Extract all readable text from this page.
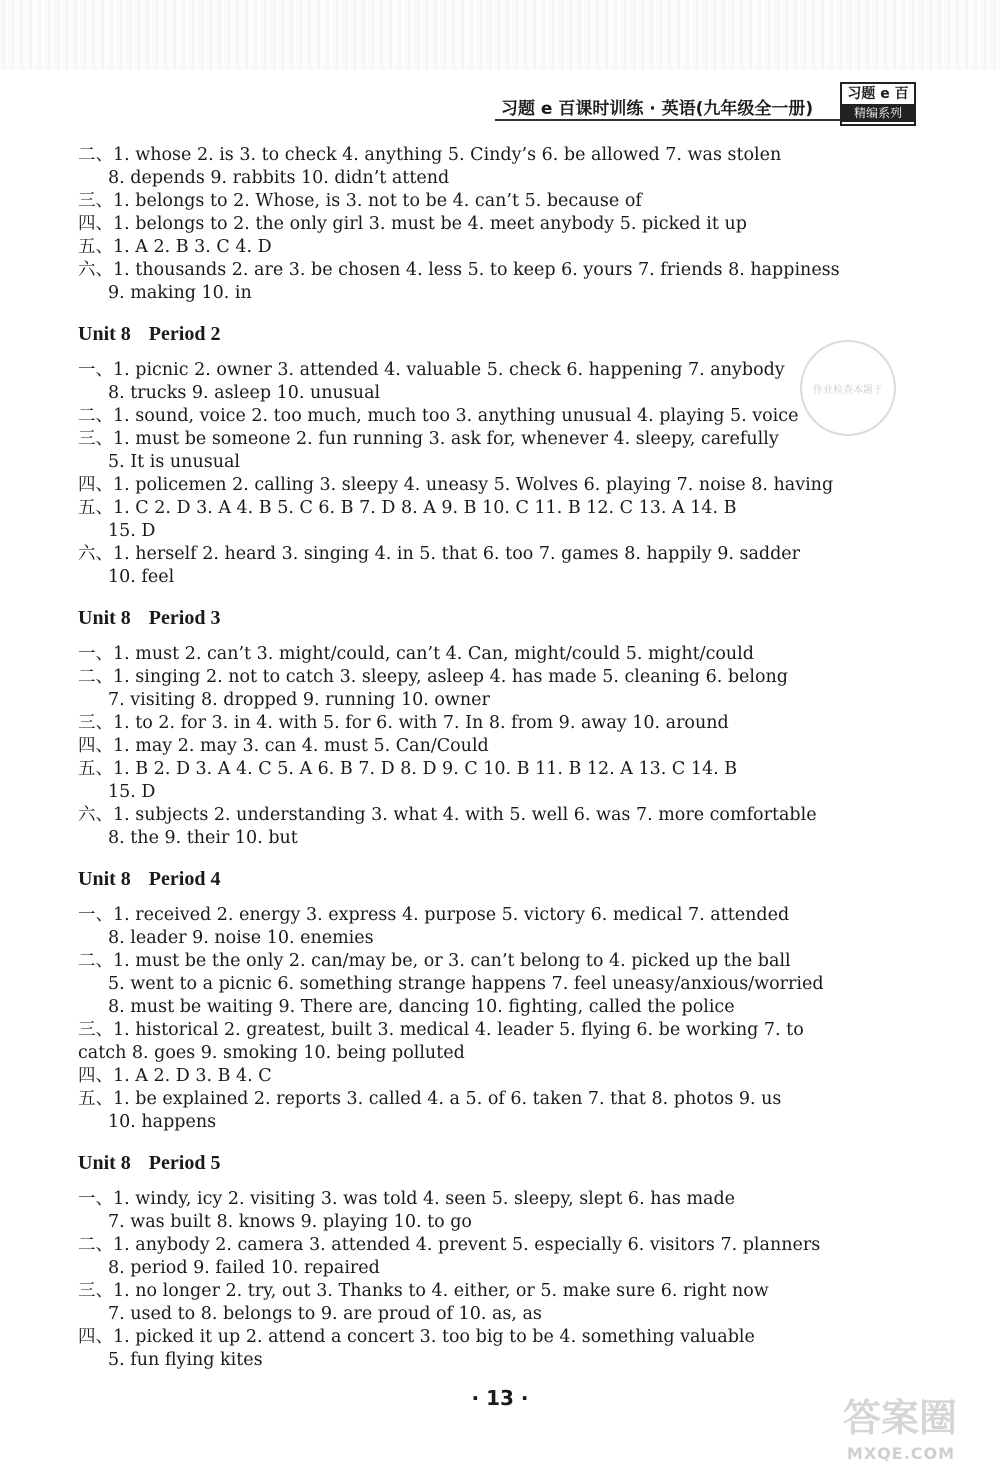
习题 e 百课时训练 · 英语(九年级全一册)
习题 e 百
精编系列
二、1. whose 2. is 3. to check 4. anything 5. Cindy’s 6. be allowed 7. was stolen
8. depends 9. rabbits 10. didn’t attend
三、1. belongs to 2. Whose, is 3. not to be 4. can’t 5. because of
四、1. belongs to 2. the only girl 3. must be 4. meet anybody 5. picked it up
五、1. A 2. B 3. C 4. D
六、1. thousands 2. are 3. be chosen 4. less 5. to keep 6. yours 7. friends 8. happiness
9. making 10. in
Unit 8 Period 2
一、1. picnic 2. owner 3. attended 4. valuable 5. check 6. happening 7. anybody
8. trucks 9. asleep 10. unusual
二、1. sound, voice 2. too much, much too 3. anything unusual 4. playing 5. voice
三、1. must be someone 2. fun running 3. ask for, whenever 4. sleepy, carefully
5. It is unusual
四、1. policemen 2. calling 3. sleepy 4. uneasy 5. Wolves 6. playing 7. noise 8. having
五、1. C 2. D 3. A 4. B 5. C 6. B 7. D 8. A 9. B 10. C 11. B 12. C 13. A 14. B
15. D
六、1. herself 2. heard 3. singing 4. in 5. that 6. too 7. games 8. happily 9. sadder
10. feel
Unit 8 Period 3
一、1. must 2. can’t 3. might/could, can’t 4. Can, might/could 5. might/could
二、1. singing 2. not to catch 3. sleepy, asleep 4. has made 5. cleaning 6. belong
7. visiting 8. dropped 9. running 10. owner
三、1. to 2. for 3. in 4. with 5. for 6. with 7. In 8. from 9. away 10. around
四、1. may 2. may 3. can 4. must 5. Can/Could
五、1. B 2. D 3. A 4. C 5. A 6. B 7. D 8. D 9. C 10. B 11. B 12. A 13. C 14. B
15. D
六、1. subjects 2. understanding 3. what 4. with 5. well 6. was 7. more comfortable
8. the 9. their 10. but
Unit 8 Period 4
一、1. received 2. energy 3. express 4. purpose 5. victory 6. medical 7. attended
8. leader 9. noise 10. enemies
二、1. must be the only 2. can/may be, or 3. can’t belong to 4. picked up the ball
5. went to a picnic 6. something strange happens 7. feel uneasy/anxious/worried
8. must be waiting 9. There are, dancing 10. fighting, called the police
三、1. historical 2. greatest, built 3. medical 4. leader 5. flying 6. be working 7. to
catch 8. goes 9. smoking 10. being polluted
四、1. A 2. D 3. B 4. C
五、1. be explained 2. reports 3. called 4. a 5. of 6. taken 7. that 8. photos 9. us
10. happens
Unit 8 Period 5
一、1. windy, icy 2. visiting 3. was told 4. seen 5. sleepy, slept 6. has made
7. was built 8. knows 9. playing 10. to go
二、1. anybody 2. camera 3. attended 4. prevent 5. especially 6. visitors 7. planners
8. period 9. failed 10. repaired
三、1. no longer 2. try, out 3. Thanks to 4. either, or 5. make sure 6. right now
7. used to 8. belongs to 9. are proud of 10. as, as
四、1. picked it up 2. attend a concert 3. too big to be 4. something valuable
5. fun flying kites
作业检查本题于
· 13 ·	答案圈
MXQE.COM
